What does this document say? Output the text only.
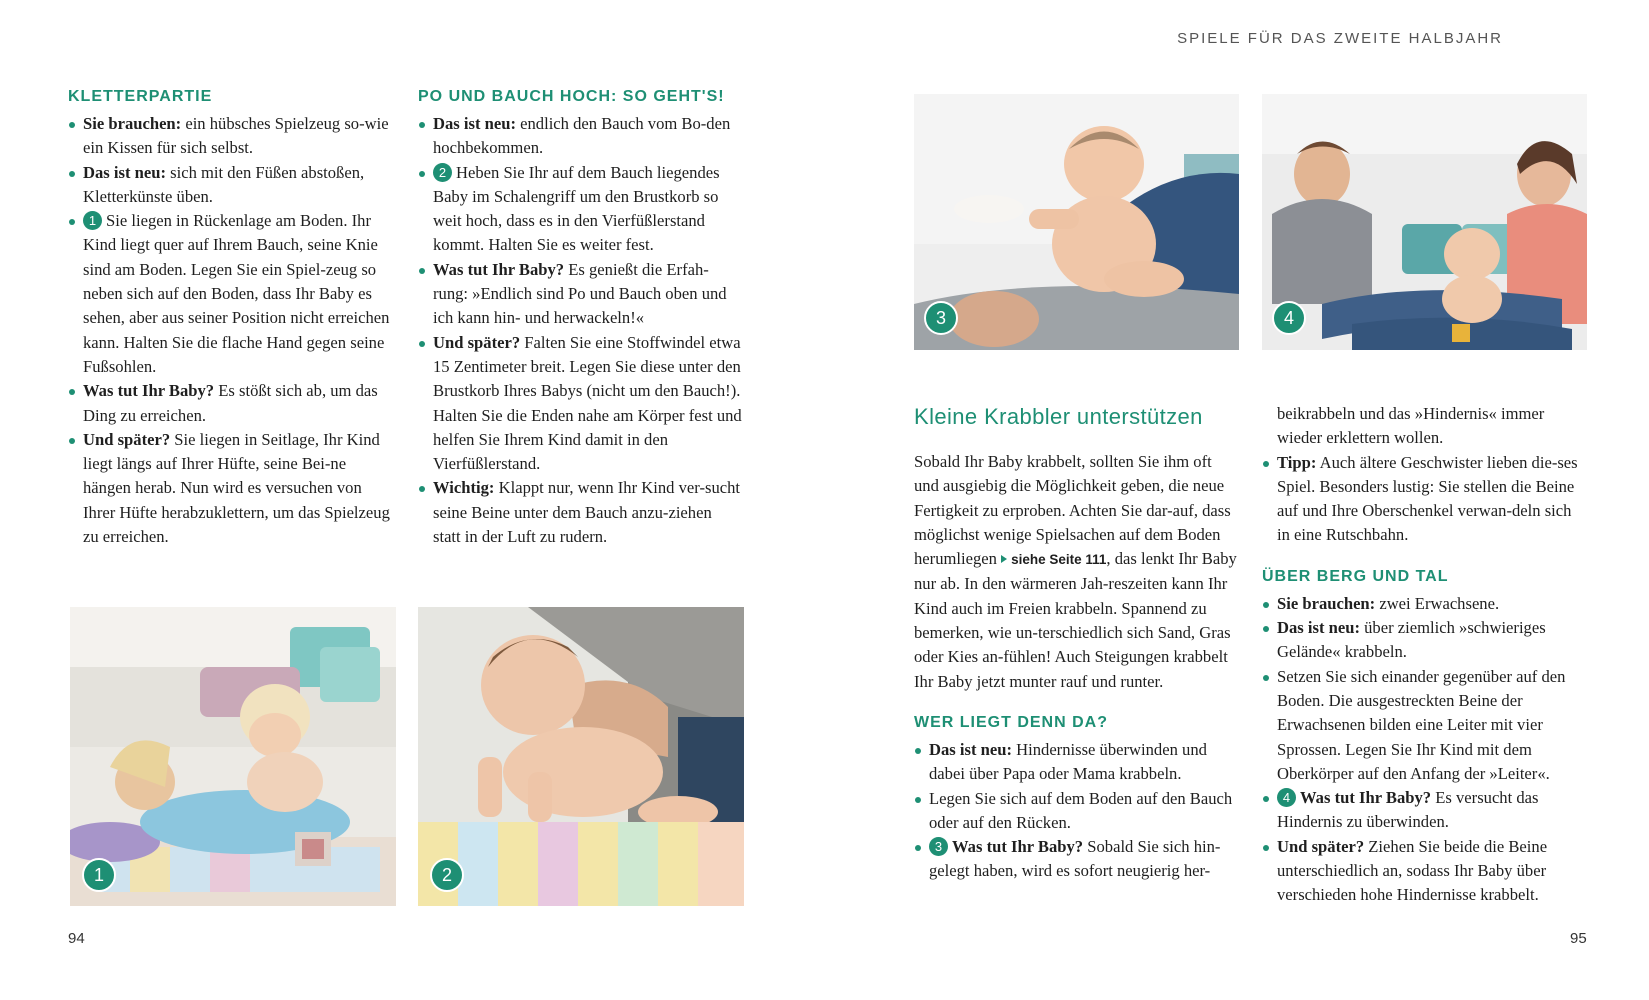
SPIELE FÜR DAS ZWEITE HALBJAHR
94	95
KLETTERPARTIE
Sie brauchen: ein hübsches Spielzeug so-wie ein Kissen für sich selbst.
Das ist neu: sich mit den Füßen abstoßen, Kletterkünste üben.
1 Sie liegen in Rückenlage am Boden. Ihr Kind liegt quer auf Ihrem Bauch, seine Knie sind am Boden. Legen Sie ein Spiel-zeug so neben sich auf den Boden, dass Ihr Baby es sehen, aber aus seiner Position nicht erreichen kann. Halten Sie die flache Hand gegen seine Fußsohlen.
Was tut Ihr Baby? Es stößt sich ab, um das Ding zu erreichen.
Und später? Sie liegen in Seitlage, Ihr Kind liegt längs auf Ihrer Hüfte, seine Bei-ne hängen herab. Nun wird es versuchen von Ihrer Hüfte herabzuklettern, um das Spielzeug zu erreichen.
PO UND BAUCH HOCH: SO GEHT'S!
Das ist neu: endlich den Bauch vom Bo-den hochbekommen.
2 Heben Sie Ihr auf dem Bauch liegendes Baby im Schalengriff um den Brustkorb so weit hoch, dass es in den Vierfüßlerstand kommt. Halten Sie es weiter fest.
Was tut Ihr Baby? Es genießt die Erfah-rung: »Endlich sind Po und Bauch oben und ich kann hin- und herwackeln!«
Und später? Falten Sie eine Stoffwindel etwa 15 Zentimeter breit. Legen Sie diese unter den Brustkorb Ihres Babys (nicht um den Bauch!). Halten Sie die Enden nahe am Körper fest und helfen Sie Ihrem Kind damit in den Vierfüßlerstand.
Wichtig: Klappt nur, wenn Ihr Kind ver-sucht seine Beine unter dem Bauch anzu-ziehen statt in der Luft zu rudern.
1	2
3	4
Kleine Krabbler unterstützen

Sobald Ihr Baby krabbelt, sollten Sie ihm oft und ausgiebig die Möglichkeit geben, die neue Fertigkeit zu erproben. Achten Sie dar-auf, dass möglichst wenige Spielsachen auf dem Boden herumliegen siehe Seite 111, das lenkt Ihr Baby nur ab. In den wärmeren Jah-reszeiten kann Ihr Kind auch im Freien krabbeln. Spannend zu bemerken, wie un-terschiedlich sich Sand, Gras oder Kies an-fühlen! Auch Steigungen krabbelt Ihr Baby jetzt munter rauf und runter.

WER LIEGT DENN DA?
Das ist neu: Hindernisse überwinden und dabei über Papa oder Mama krabbeln.
Legen Sie sich auf dem Boden auf den Bauch oder auf den Rücken.
3 Was tut Ihr Baby? Sobald Sie sich hin-gelegt haben, wird es sofort neugierig her-
beikrabbeln und das »Hindernis« immer wieder erklettern wollen.
Tipp: Auch ältere Geschwister lieben die-ses Spiel. Besonders lustig: Sie stellen die Beine auf und Ihre Oberschenkel verwan-deln sich in eine Rutschbahn.
ÜBER BERG UND TAL
Sie brauchen: zwei Erwachsene.
Das ist neu: über ziemlich »schwieriges Gelände« krabbeln.
Setzen Sie sich einander gegenüber auf den Boden. Die ausgestreckten Beine der Erwachsenen bilden eine Leiter mit vier Sprossen. Legen Sie Ihr Kind mit dem Oberkörper auf den Anfang der »Leiter«.
4 Was tut Ihr Baby? Es versucht das Hindernis zu überwinden.
Und später? Ziehen Sie beide die Beine unterschiedlich an, sodass Ihr Baby über verschieden hohe Hindernisse krabbelt.
